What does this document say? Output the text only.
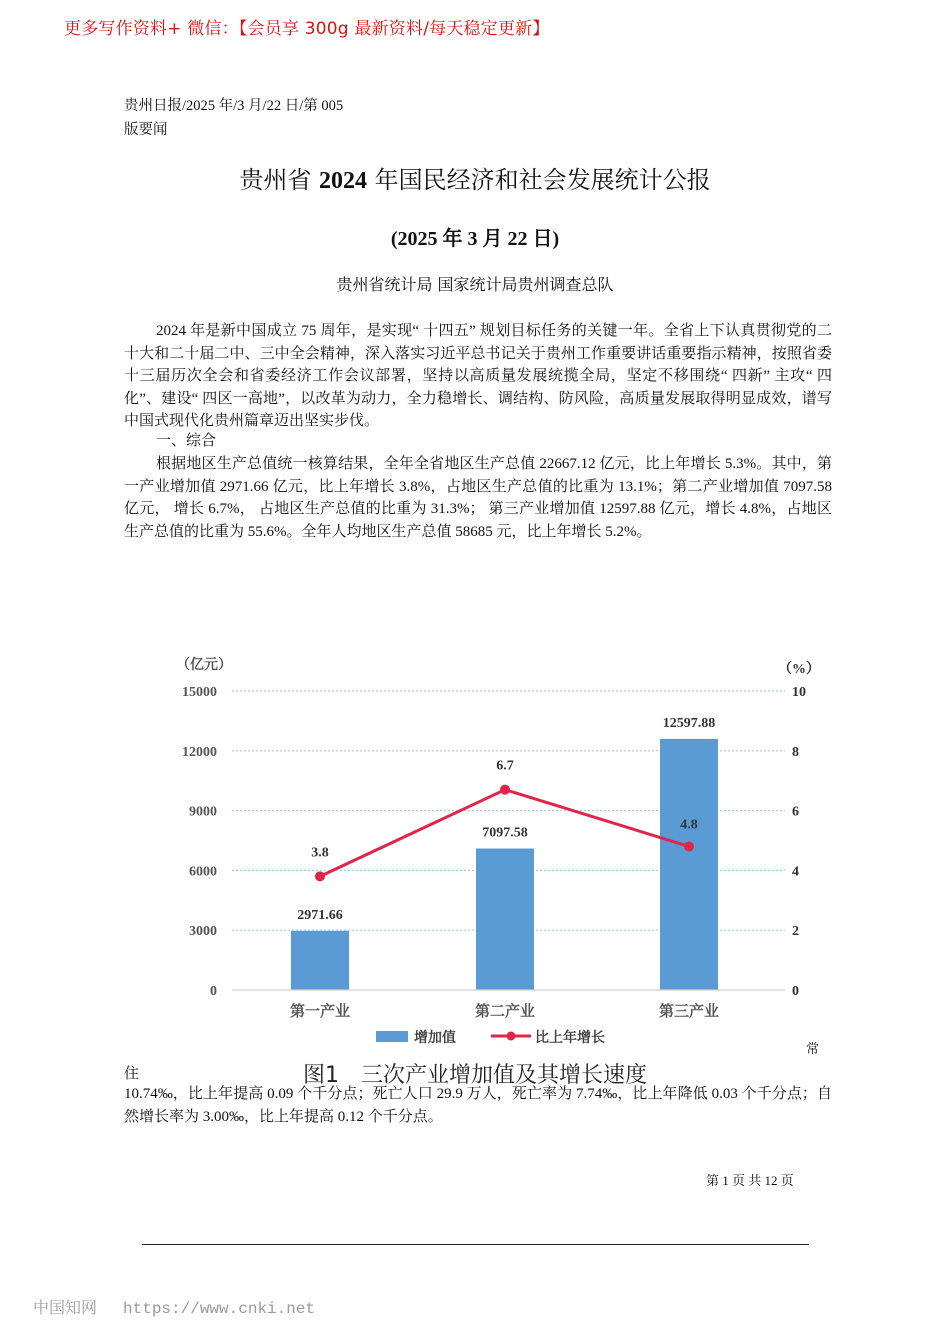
更多写作资料+ 微信：【会员享 300g 最新资料/每天稳定更新】
贵州日报/2025 年/3 月/22 日/第 005
版要闻
贵州省 2024 年国民经济和社会发展统计公报
(2025 年 3 月 22 日)
贵州省统计局 国家统计局贵州调查总队
2024 年是新中国成立 75 周年，是实现“ 十四五” 规划目标任务的关键一年。全省上下认真贯彻党的二十大和二十届二中、三中全会精神，深入落实习近平总书记关于贵州工作重要讲话重要指示精神，按照省委十三届历次全会和省委经济工作会议部署，坚持以高质量发展统揽全局，坚定不移围绕“ 四新” 主攻“ 四化”、建设“ 四区一高地”，以改革为动力，全力稳增长、调结构、防风险，高质量发展取得明显成效，谱写中国式现代化贵州篇章迈出坚实步伐。
一、综合
根据地区生产总值统一核算结果，全年全省地区生产总值 22667.12 亿元，比上年增长 5.3%。其中，第一产业增加值 2971.66 亿元，比上年增长 3.8%，占地区生产总值的比重为 13.1%；第二产业增加值 7097.58 亿元， 增长 6.7%， 占地区生产总值的比重为 31.3%； 第三产业增加值 12597.88 亿元，增长 4.8%，占地区生产总值的比重为 55.6%。全年人均地区生产总值 58685 元，比上年增长 5.2%。
2971.66
7097.58
12597.88
3.8
6.7
4.8
0
3000
6000
9000
12000
15000
0
2
4
6
8
10
（亿元）	（%）
第一产业	第二产业	第三产业
增加值	比上年增长
常
住	图1　三次产业增加值及其增长速度
10.74‰，比上年提高 0.09 个千分点；死亡人口 29.9 万人，死亡率为 7.74‰，比上年降低 0.03 个千分点；自然增长率为 3.00‰，比上年提高 0.12 个千分点。
第 1 页 共 12 页
中国知网 https://www.cnki.net
